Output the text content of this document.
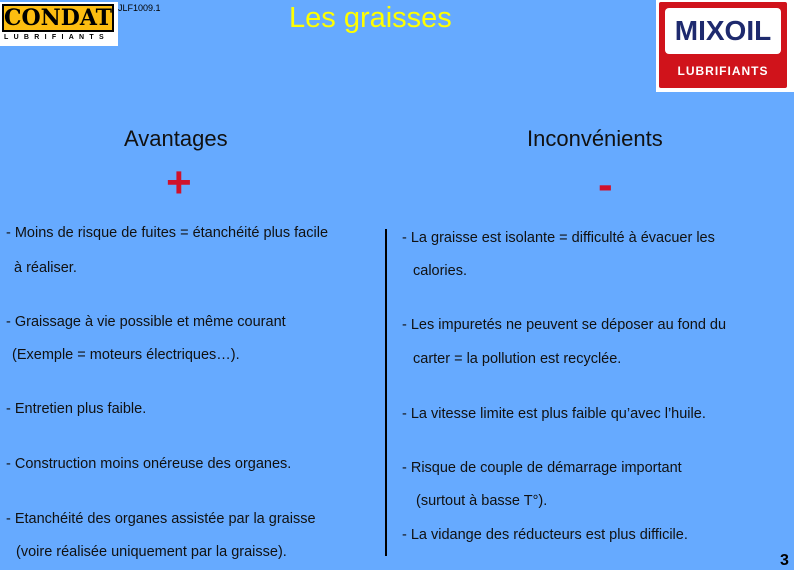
CONDAT
LUBRIFIANTS
JLF1009.1	Les graisses	MIXOIL
LUBRIFIANTS
Avantages	Inconvénients
+	-
- Moins de risque de fuites = étanchéité plus facile
à réaliser.
- Graissage à vie possible et même courant
(Exemple = moteurs électriques…).
- Entretien plus faible.
- Construction moins onéreuse des organes.
- Etanchéité des organes assistée par la graisse
(voire réalisée uniquement par la graisse).
- La graisse est isolante = difficulté à évacuer les
calories.
- Les impuretés ne peuvent se déposer au fond du
carter = la pollution est recyclée.
- La vitesse limite est plus faible qu’avec l’huile.
- Risque de couple de démarrage important
(surtout à basse T°).
- La vidange des réducteurs est plus difficile.
3
